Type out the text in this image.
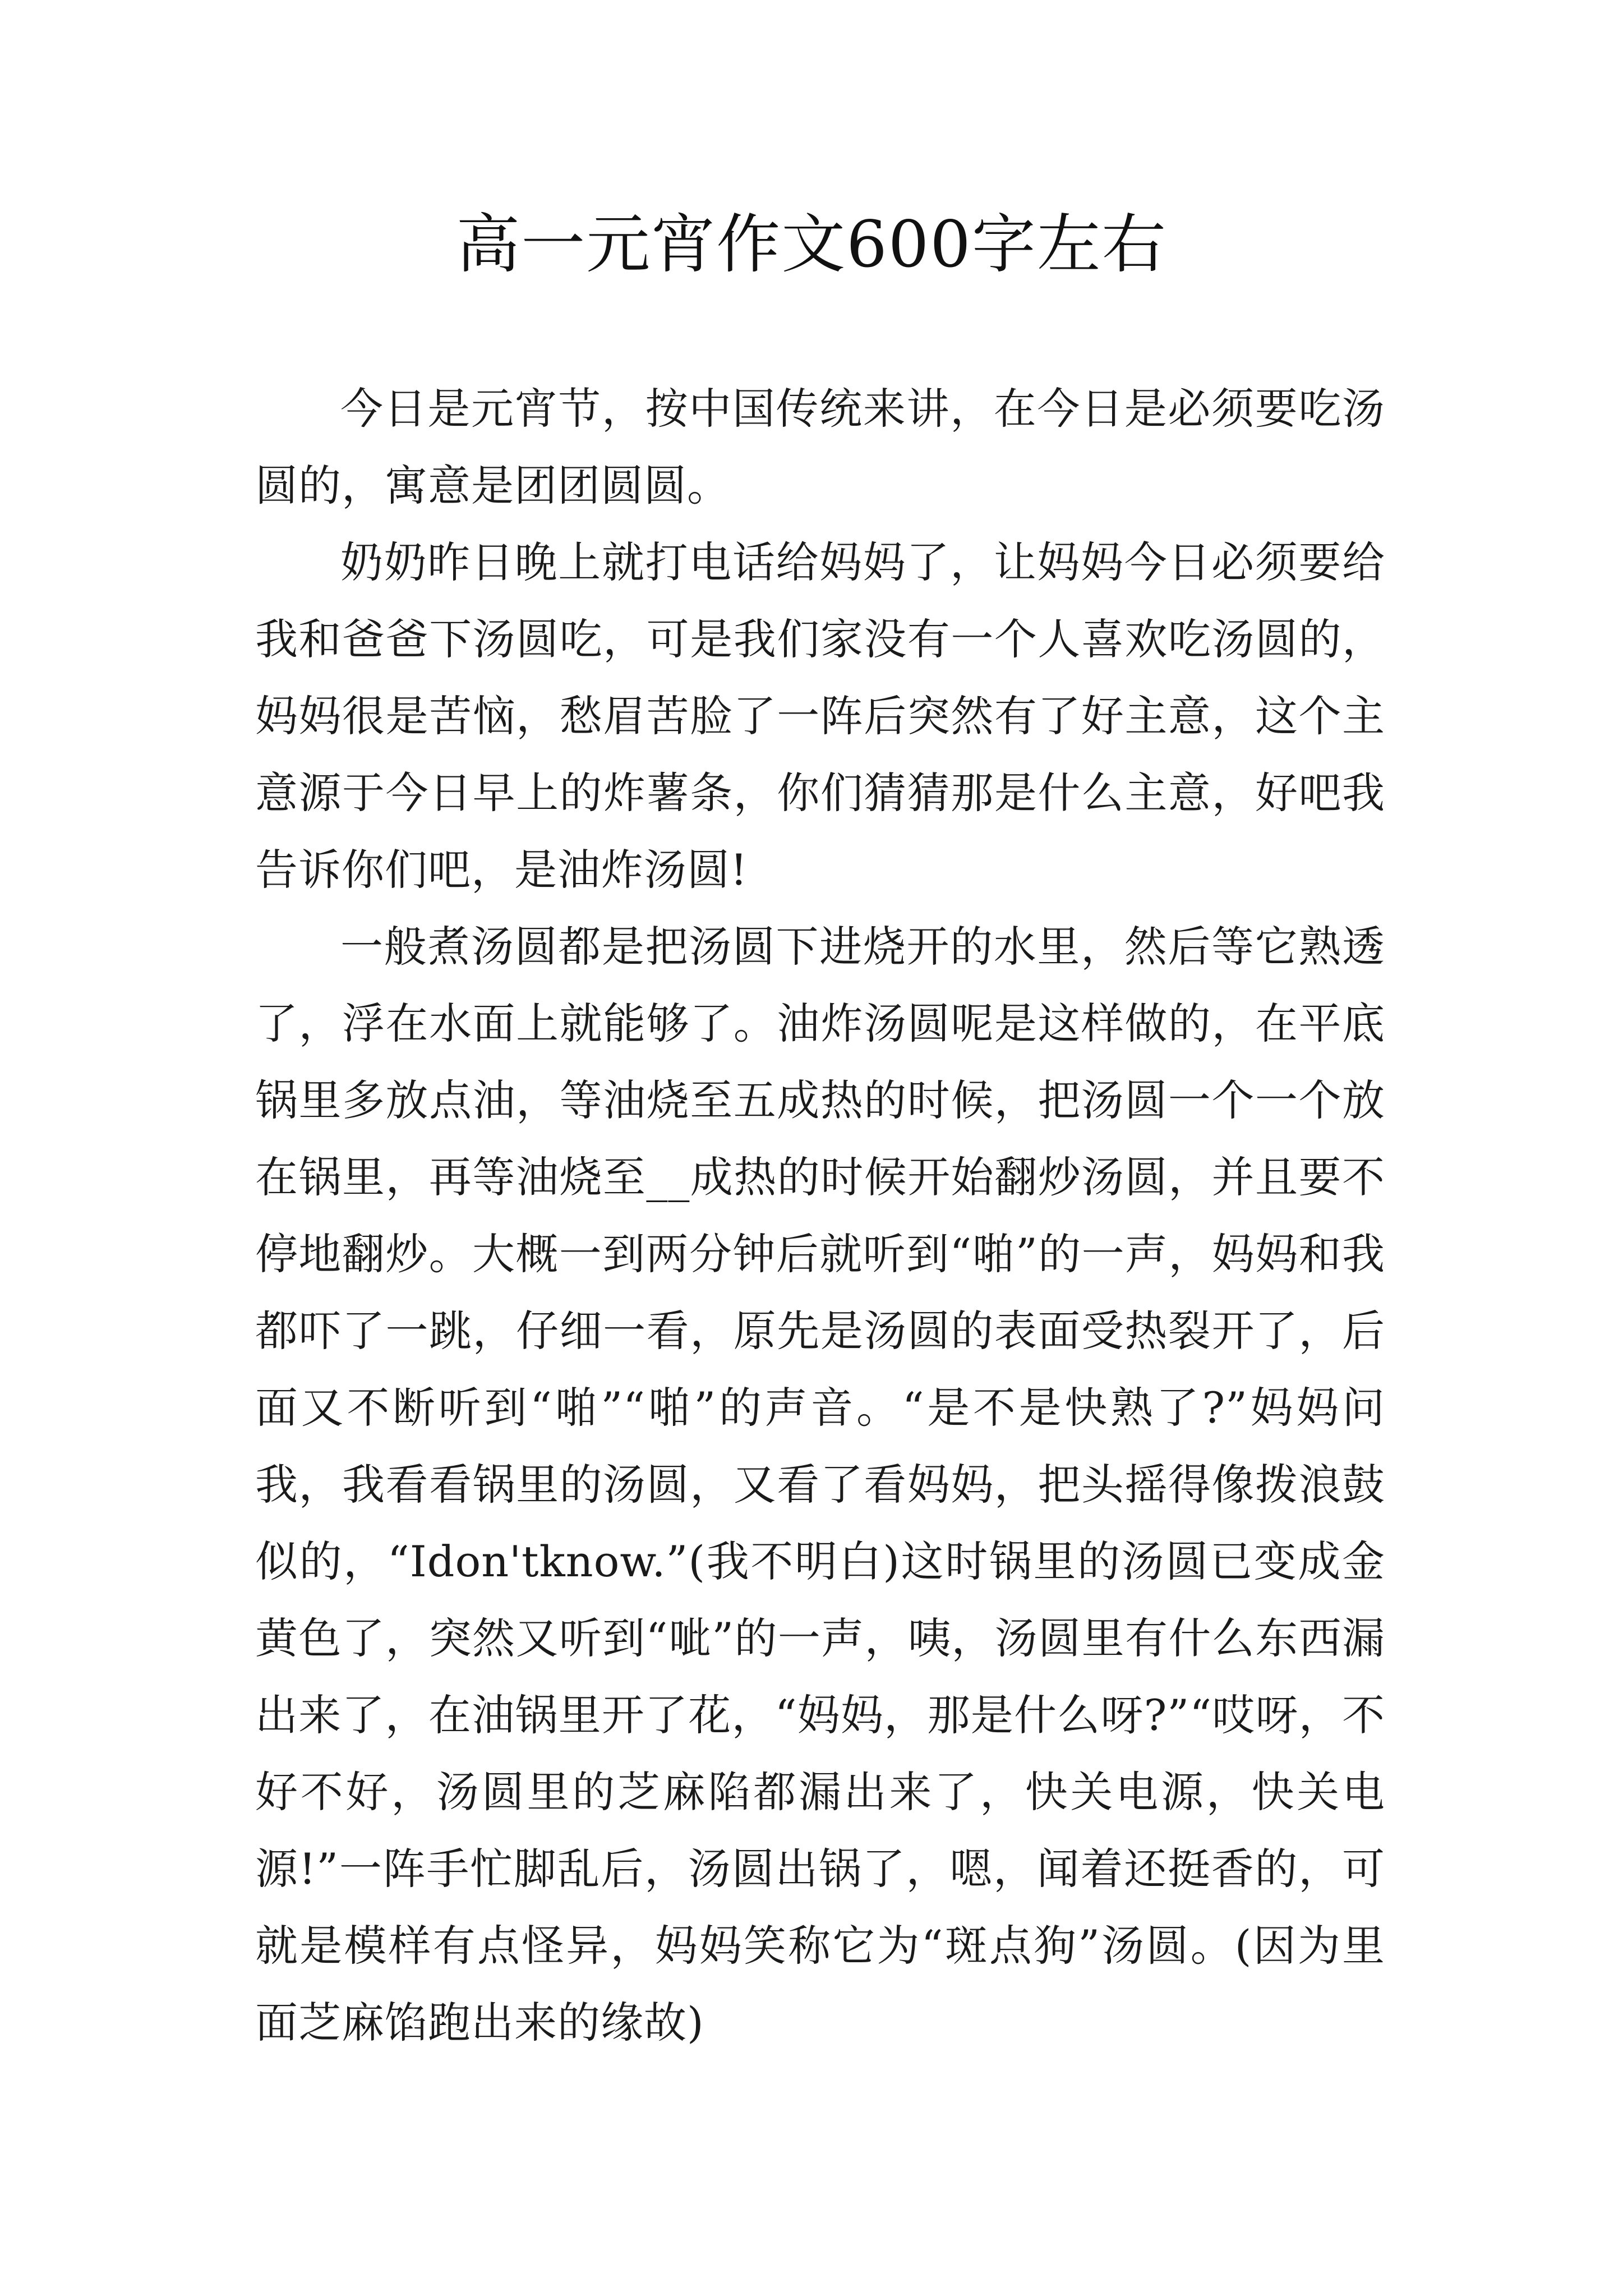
高一元宵作文600字左右

今日是元宵节，按中国传统来讲，在今日是必须要吃汤圆的，寓意是团团圆圆。

奶奶昨日晚上就打电话给妈妈了，让妈妈今日必须要给我和爸爸下汤圆吃，可是我们家没有一个人喜欢吃汤圆的，妈妈很是苦恼，愁眉苦脸了一阵后突然有了好主意，这个主意源于今日早上的炸薯条，你们猜猜那是什么主意，好吧我告诉你们吧，是油炸汤圆!

一般煮汤圆都是把汤圆下进烧开的水里，然后等它熟透了，浮在水面上就能够了。油炸汤圆呢是这样做的，在平底锅里多放点油，等油烧至五成热的时候，把汤圆一个一个放在锅里，再等油烧至__成热的时候开始翻炒汤圆，并且要不停地翻炒。大概一到两分钟后就听到“啪”的一声，妈妈和我都吓了一跳，仔细一看，原先是汤圆的表面受热裂开了，后面又不断听到“啪”“啪”的声音。“是不是快熟了?”妈妈问我，我看看锅里的汤圆，又看了看妈妈，把头摇得像拨浪鼓似的，“Idon'tknow.”(我不明白)这时锅里的汤圆已变成金黄色了，突然又听到“呲”的一声，咦，汤圆里有什么东西漏出来了，在油锅里开了花，“妈妈，那是什么呀?”“哎呀，不好不好，汤圆里的芝麻陷都漏出来了，快关电源，快关电源!”一阵手忙脚乱后，汤圆出锅了，嗯，闻着还挺香的，可就是模样有点怪异，妈妈笑称它为“斑点狗”汤圆。(因为里面芝麻馅跑出来的缘故)
